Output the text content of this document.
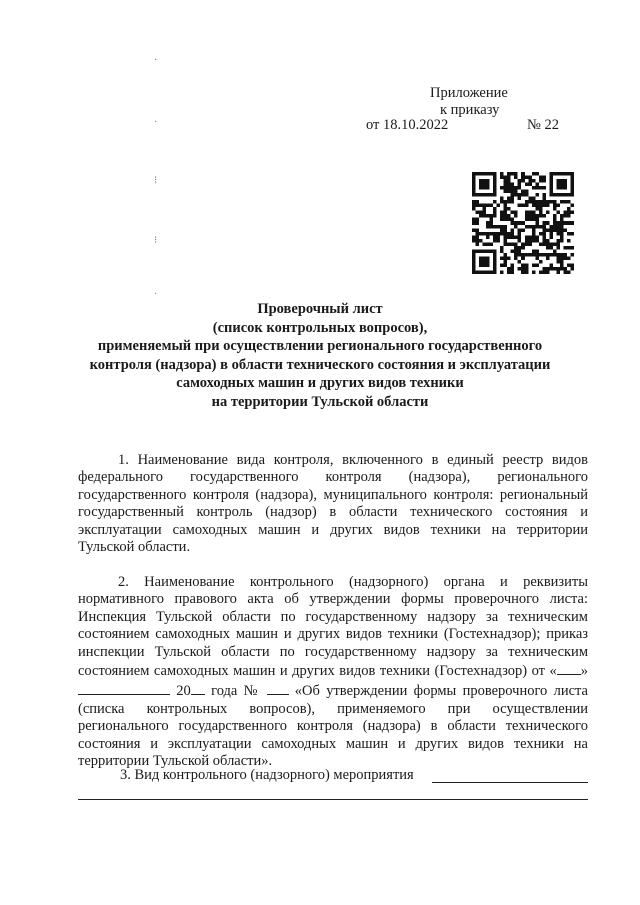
·
·
⁝
⁝
·
Приложение
к приказу
от 18.10.2022	№ 22
Проверочный лист
(список контрольных вопросов),
применяемый при осуществлении регионального государственного
контроля (надзора) в области технического состояния и эксплуатации
самоходных машин и других видов техники
на территории Тульской области

1. Наименование вида контроля, включенного в единый реестр видов федерального государственного контроля (надзора), регионального государственного контроля (надзора), муниципального контроля: региональный государственный контроль (надзор) в области технического состояния и эксплуатации самоходных машин и других видов техники на территории Тульской области.

2. Наименование контрольного (надзорного) органа и реквизиты нормативного правового акта об утверждении формы проверочного листа: Инспекция Тульской области по государственному надзору за техническим состоянием самоходных машин и других видов техники (Гостехнадзор); приказ инспекции Тульской области по государственному надзору за техническим состоянием самоходных машин и других видов техники (Гостехнадзор) от « »  20 года №  «Об утверждении формы проверочного листа (списка контрольных вопросов), применяемого при осуществлении регионального государственного контроля (надзора) в области технического состояния и эксплуатации самоходных машин и других видов техники на территории Тульской области».

3. Вид контрольного (надзорного) мероприятия
